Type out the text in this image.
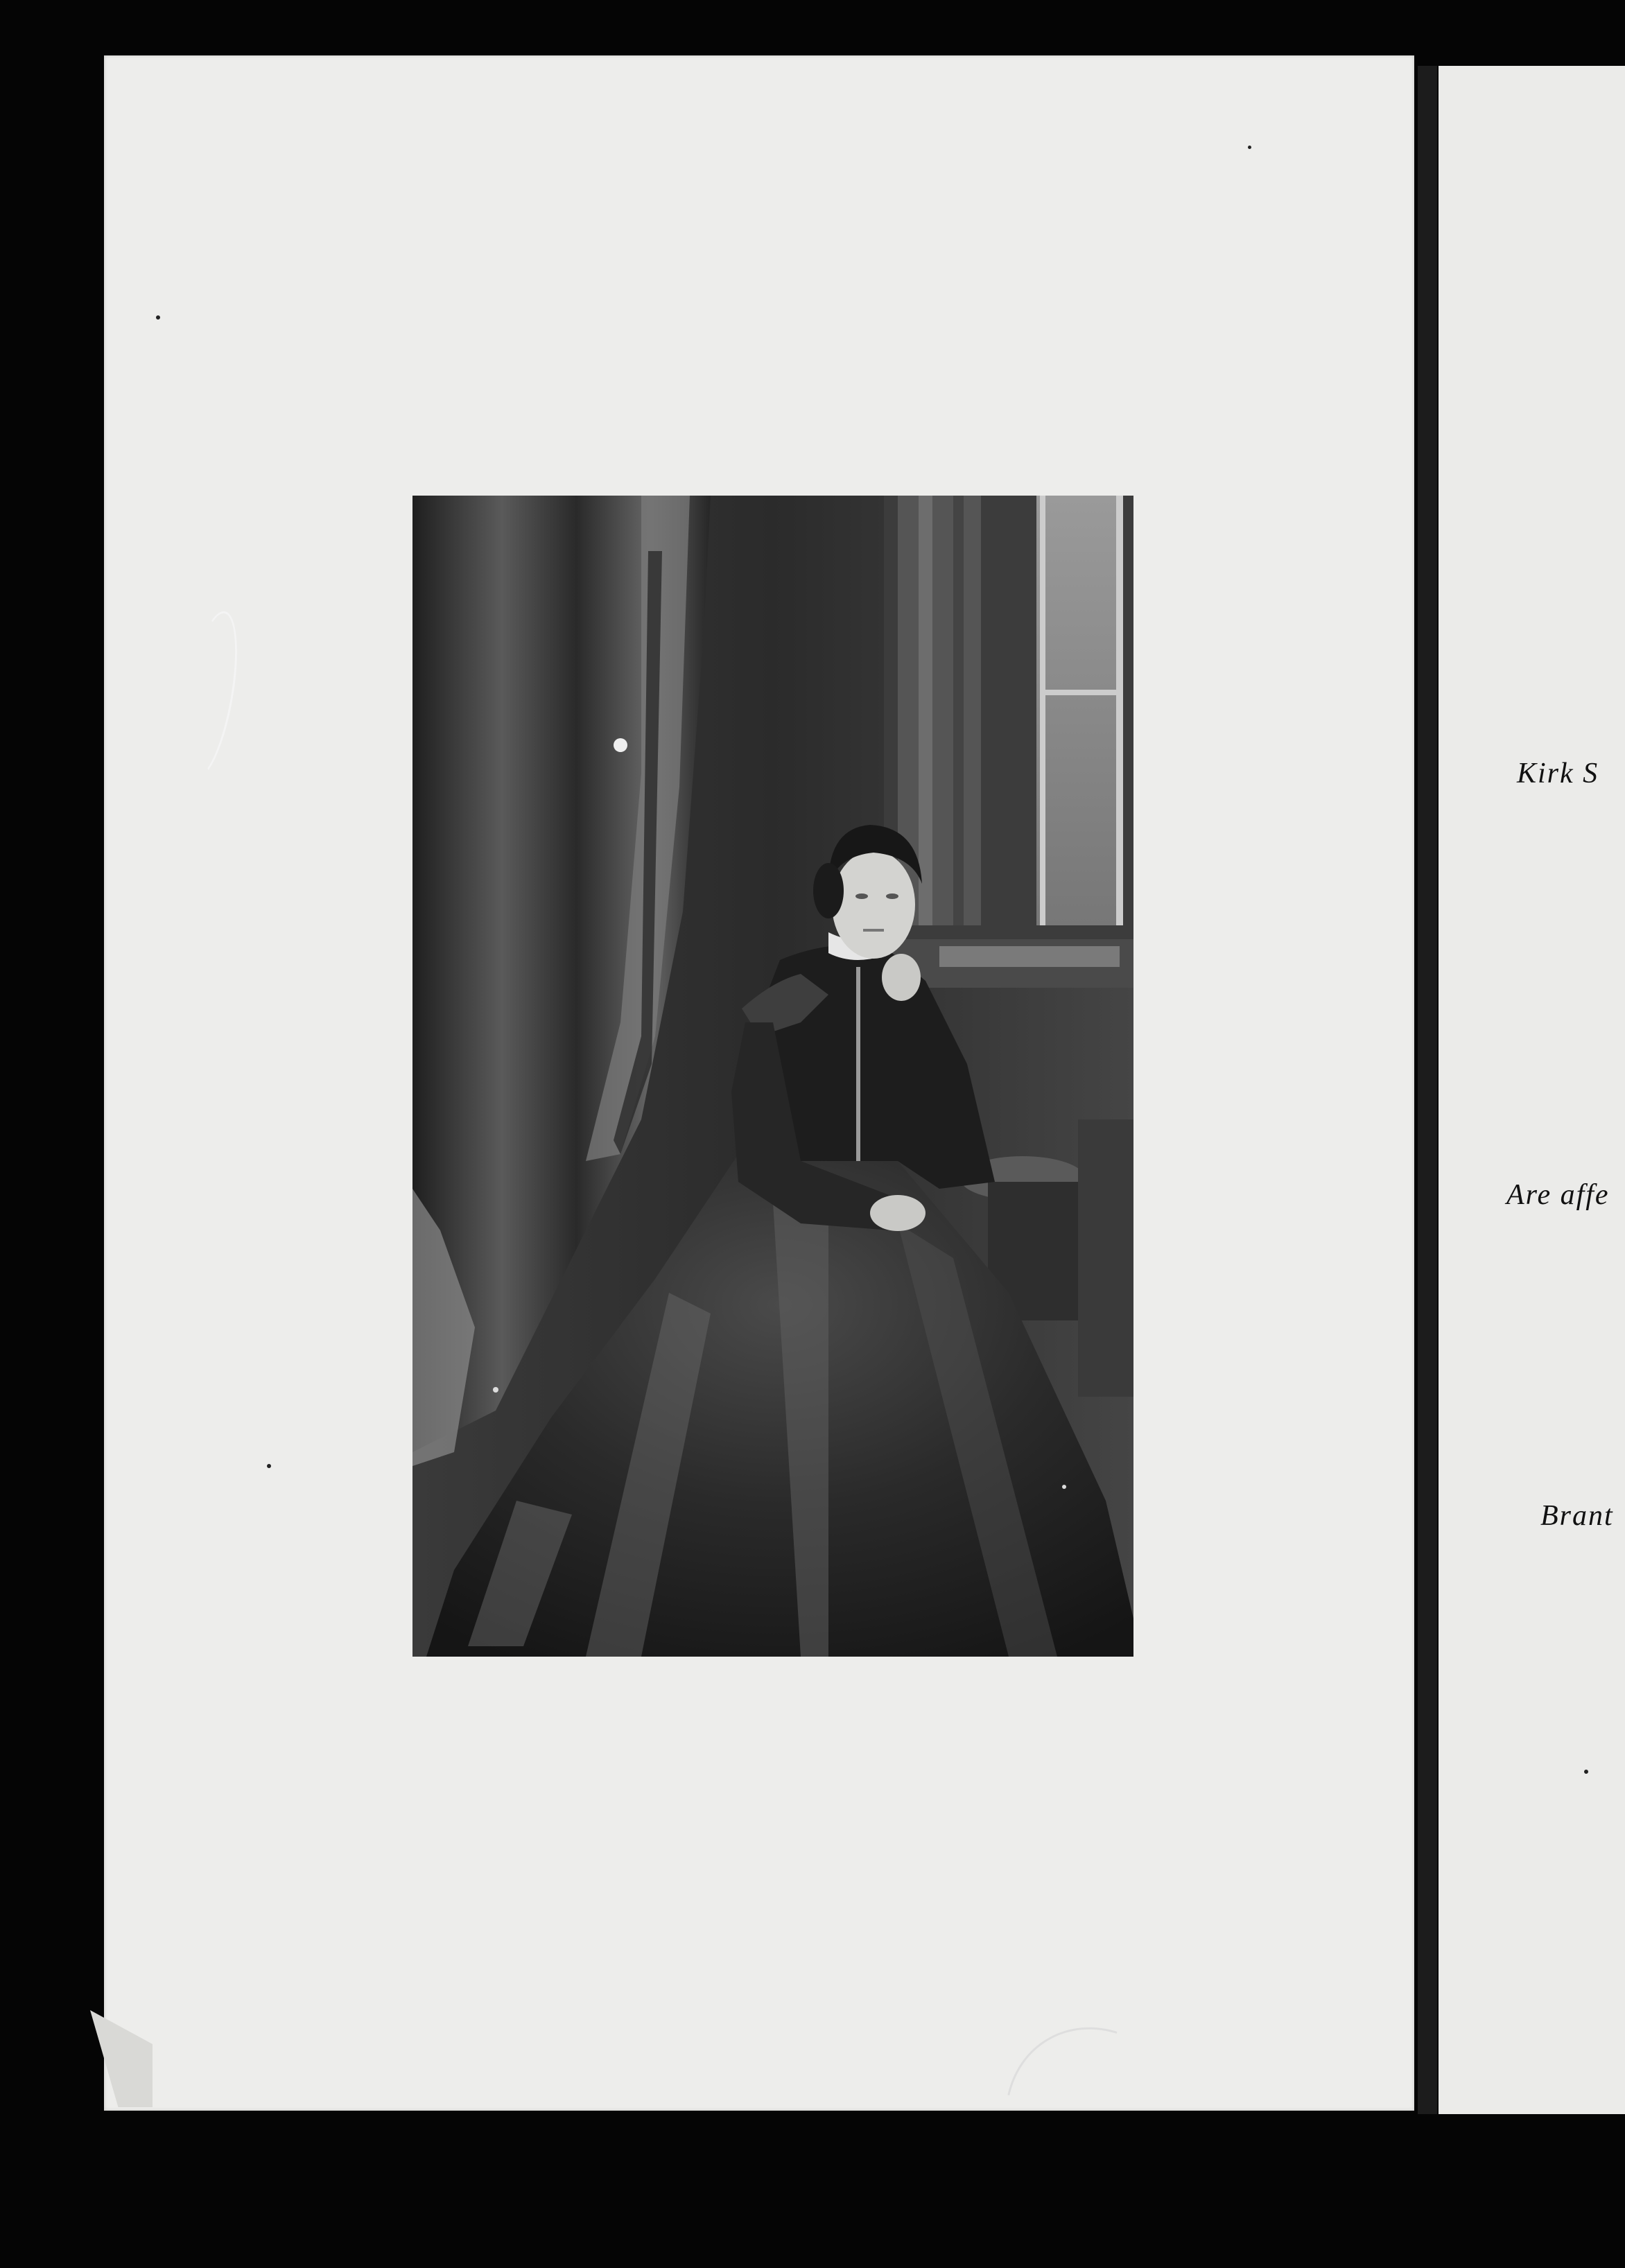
Kirk S
Are affe
Brant
